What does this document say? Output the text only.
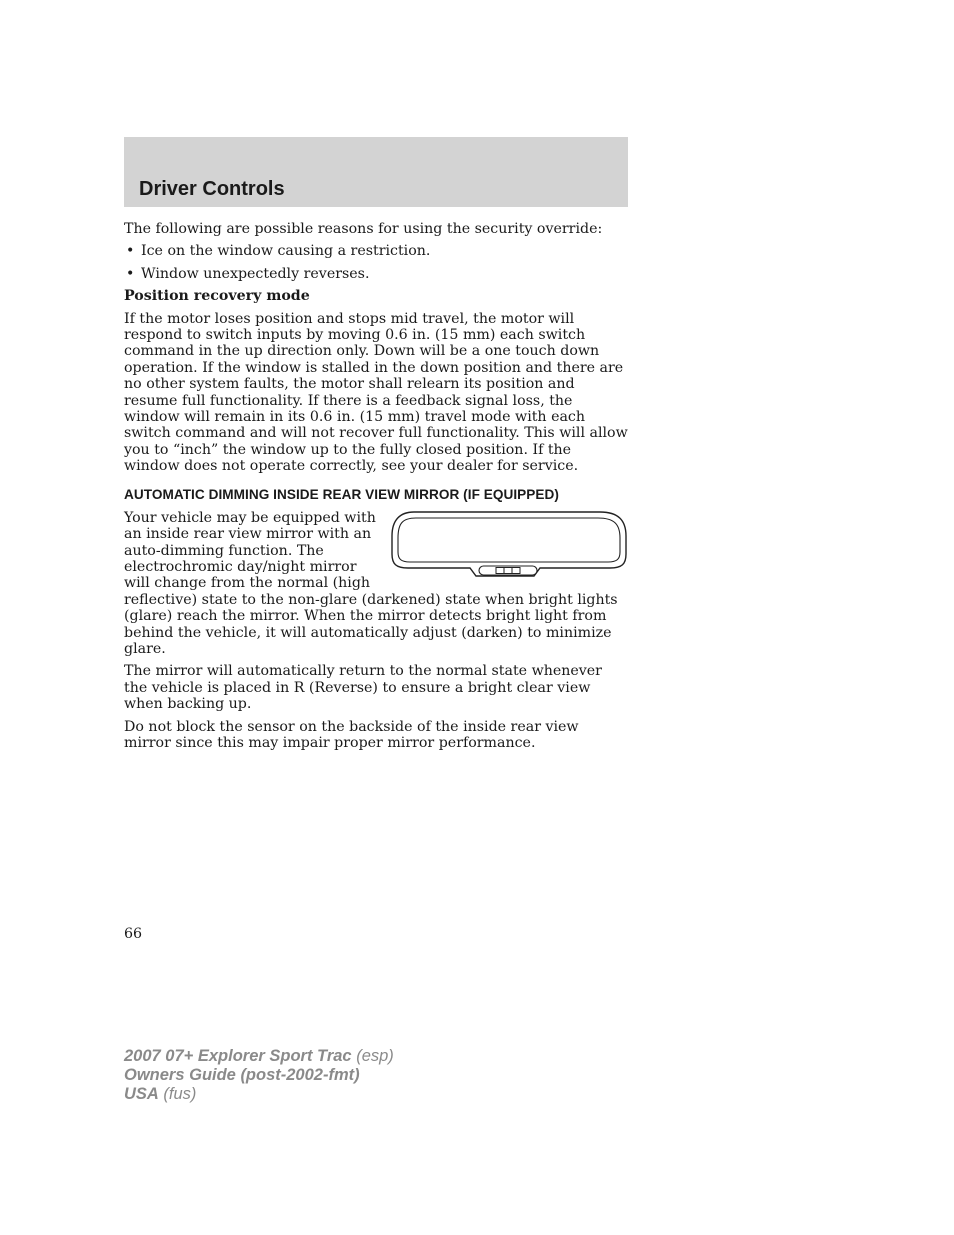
Driver Controls

The following are possible reasons for using the security override:

• Ice on the window causing a restriction.
• Window unexpectedly reverses.

Position recovery mode

If the motor loses position and stops mid travel, the motor will respond to switch inputs by moving 0.6 in. (15 mm) each switch command in the up direction only. Down will be a one touch down operation. If the window is stalled in the down position and there are no other system faults, the motor shall relearn its position and resume full functionality. If there is a feedback signal loss, the window will remain in its 0.6 in. (15 mm) travel mode with each switch command and will not recover full functionality. This will allow you to “inch” the window up to the fully closed position. If the window does not operate correctly, see your dealer for service.

AUTOMATIC DIMMING INSIDE REAR VIEW MIRROR (IF EQUIPPED)

Your vehicle may be equipped with an inside rear view mirror with an auto-dimming function. The electrochromic day/night mirror will change from the normal (high reflective) state to the non-glare (darkened) state when bright lights (glare) reach the mirror. When the mirror detects bright light from behind the vehicle, it will automatically adjust (darken) to minimize glare.

The mirror will automatically return to the normal state whenever the vehicle is placed in R (Reverse) to ensure a bright clear view when backing up.

Do not block the sensor on the backside of the inside rear view mirror since this may impair proper mirror performance.

66
2007 07+ Explorer Sport Trac (esp)
Owners Guide (post-2002-fmt)
USA (fus)
